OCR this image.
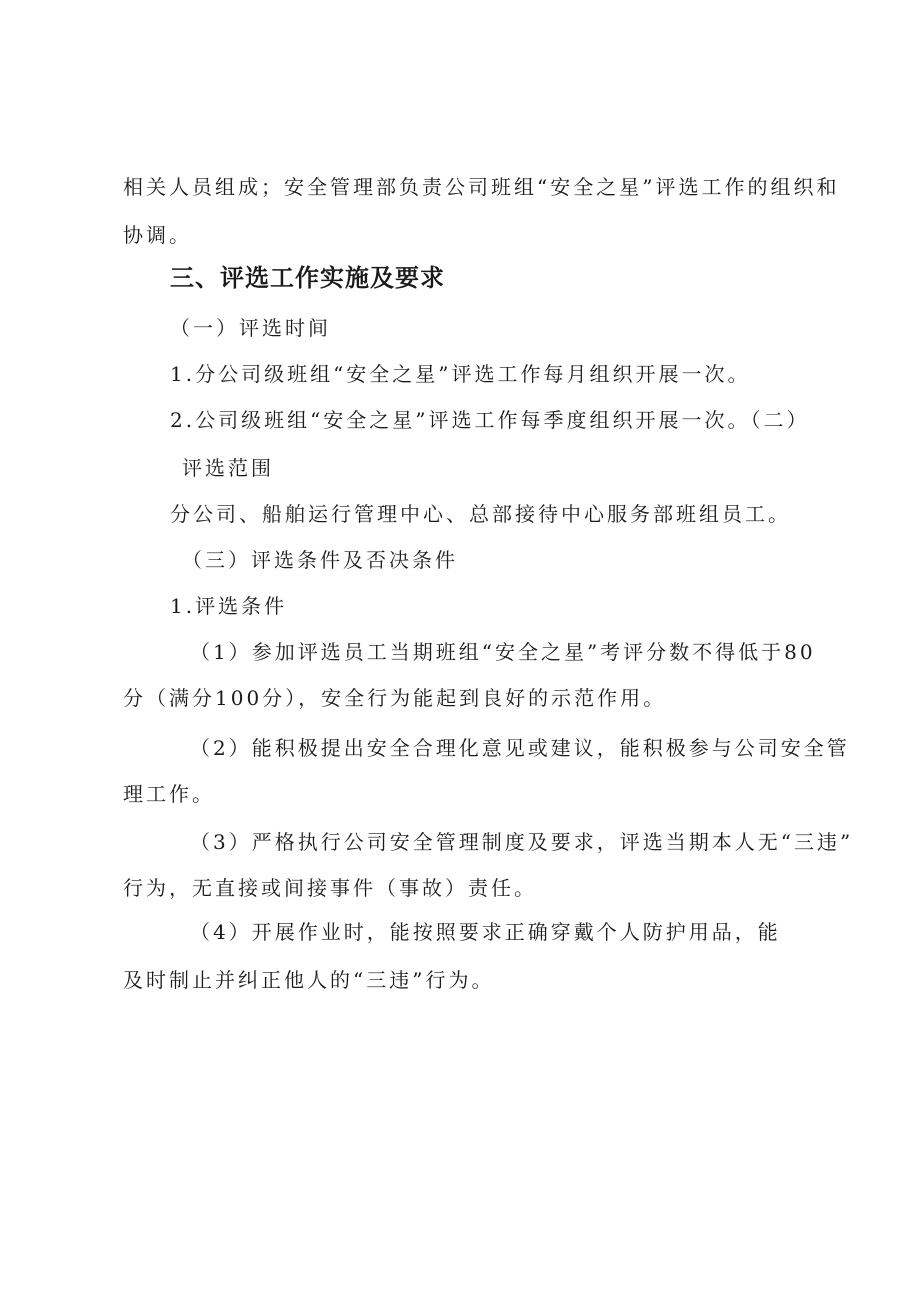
相关人员组成；安全管理部负责公司班组“安全之星”评选工作的组织和
协调。
三、评选工作实施及要求
（一）评选时间
1.分公司级班组“安全之星”评选工作每月组织开展一次。
2.公司级班组“安全之星”评选工作每季度组织开展一次。（二）
评选范围
分公司、船舶运行管理中心、总部接待中心服务部班组员工。
（三）评选条件及否决条件
1.评选条件
（1）参加评选员工当期班组“安全之星”考评分数不得低于80
分（满分100分），安全行为能起到良好的示范作用。
（2）能积极提出安全合理化意见或建议，能积极参与公司安全管
理工作。
（3）严格执行公司安全管理制度及要求，评选当期本人无“三违”
行为，无直接或间接事件（事故）责任。
（4）开展作业时，能按照要求正确穿戴个人防护用品，能
及时制止并纠正他人的“三违”行为。
